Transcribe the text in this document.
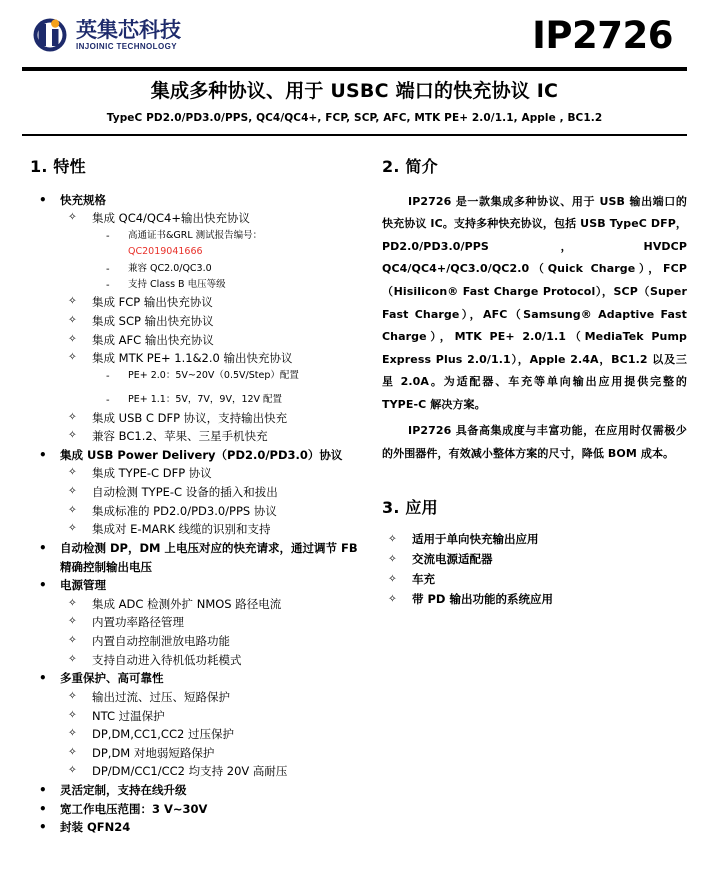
英集芯科技
INJOINIC TECHNOLOGY	IP2726
集成多种协议、用于 USBC 端口的快充协议 IC
TypeC PD2.0/PD3.0/PPS, QC4/QC4+, FCP, SCP, AFC, MTK PE+ 2.0/1.1, Apple , BC1.2
1. 特性
• 快充规格
✧ 集成 QC4/QC4+输出快充协议
- 高通证书&GRL 测试报告编号：
QC2019041666
- 兼容 QC2.0/QC3.0
- 支持 Class B 电压等级
✧ 集成 FCP 输出快充协议
✧ 集成 SCP 输出快充协议
✧ 集成 AFC 输出快充协议
✧ 集成 MTK PE+ 1.1&2.0 输出快充协议
- PE+ 2.0：5V~20V（0.5V/Step）配置
- PE+ 1.1：5V，7V，9V，12V 配置
✧ 集成 USB C DFP 协议，支持输出快充
✧ 兼容 BC1.2、苹果、三星手机快充
• 集成 USB Power Delivery（PD2.0/PD3.0）协议
✧ 集成 TYPE-C DFP 协议
✧ 自动检测 TYPE-C 设备的插入和拔出
✧ 集成标准的 PD2.0/PD3.0/PPS 协议
✧ 集成对 E-MARK 线缆的识别和支持
• 自动检测 DP，DM 上电压对应的快充请求，通过调节 FB 精确控制输出电压
• 电源管理
✧ 集成 ADC 检测外扩 NMOS 路径电流
✧ 内置功率路径管理
✧ 内置自动控制泄放电路功能
✧ 支持自动进入待机低功耗模式
• 多重保护、高可靠性
✧ 输出过流、过压、短路保护
✧ NTC 过温保护
✧ DP,DM,CC1,CC2 过压保护
✧ DP,DM 对地弱短路保护
✧ DP/DM/CC1/CC2 均支持 20V 高耐压
• 灵活定制，支持在线升级
• 宽工作电压范围：3 V~30V
• 封装 QFN24
2. 简介

IP2726 是一款集成多种协议、用于 USB 输出端口的快充协议 IC。支持多种快充协议，包括 USB TypeC DFP，PD2.0/PD3.0/PPS，HVDCP QC4/QC4+/QC3.0/QC2.0（Quick Charge），FCP（Hisilicon® Fast Charge Protocol），SCP（Super Fast Charge），AFC（Samsung® Adaptive Fast Charge），MTK PE+ 2.0/1.1（MediaTek Pump Express Plus 2.0/1.1），Apple 2.4A，BC1.2 以及三星 2.0A。为适配器、车充等单向输出应用提供完整的 TYPE-C 解决方案。

IP2726 具备高集成度与丰富功能，在应用时仅需极少的外围器件，有效减小整体方案的尺寸，降低 BOM 成本。

3. 应用
✧ 适用于单向快充输出应用
✧ 交流电源适配器
✧ 车充
✧ 带 PD 输出功能的系统应用
